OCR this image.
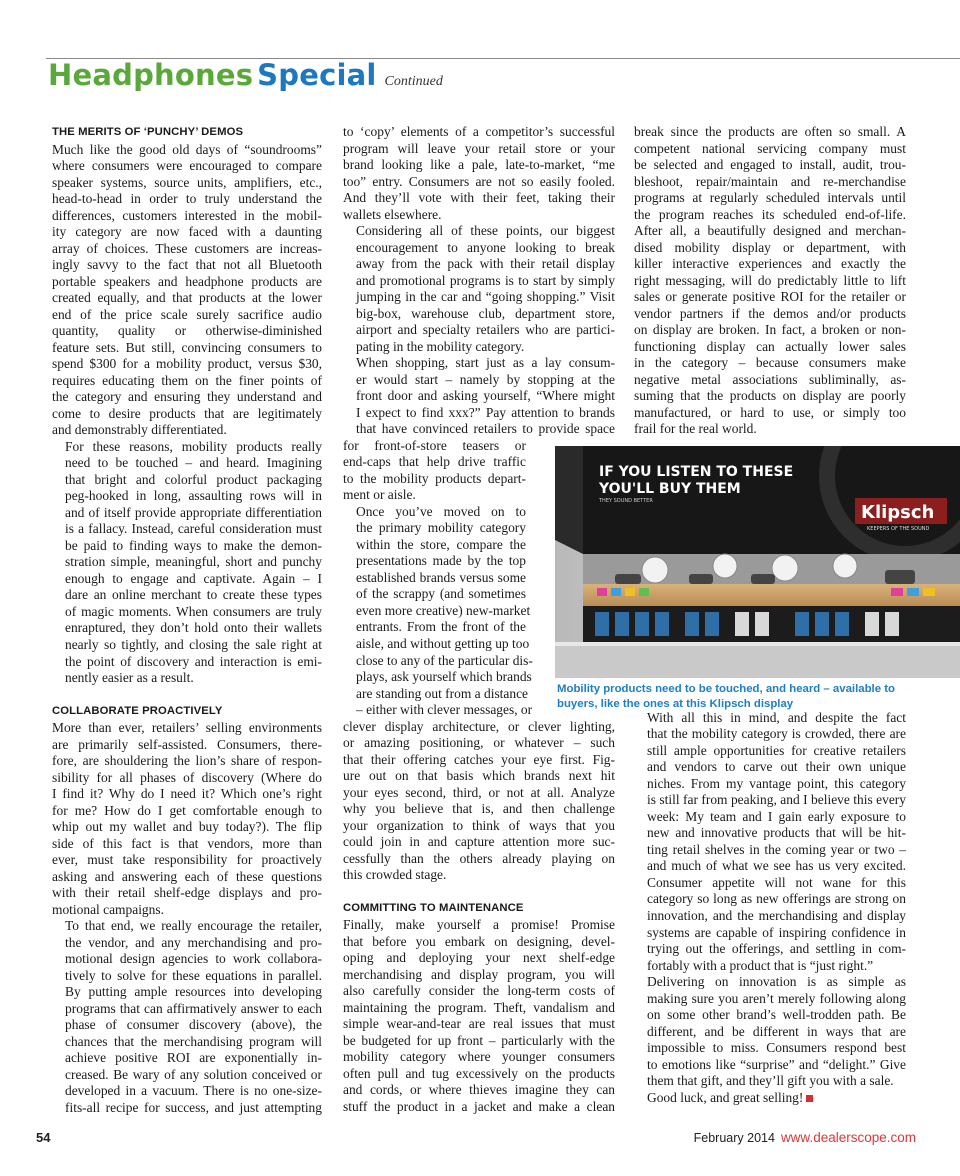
Headphones Special Continued
THE MERITS OF ‘PUNCHY’ DEMOS

Much like the good old days of “soundrooms”
where consumers were encouraged to compare
speaker systems, source units, amplifiers, etc.,
head-to-head in order to truly understand the
differences, customers interested in the mobil-
ity category are now faced with a daunting
array of choices. These customers are increas-
ingly savvy to the fact that not all Bluetooth
portable speakers and headphone products are
created equally, and that products at the lower
end of the price scale surely sacrifice audio
quantity, quality or otherwise-diminished
feature sets. But still, convincing consumers to
spend $300 for a mobility product, versus $30,
requires educating them on the finer points of
the category and ensuring they understand and
come to desire products that are legitimately
and demonstrably differentiated.

For these reasons, mobility products really
need to be touched – and heard. Imagining
that bright and colorful product packaging
peg-hooked in long, assaulting rows will in
and of itself provide appropriate differentiation
is a fallacy. Instead, careful consideration must
be paid to finding ways to make the demon-
stration simple, meaningful, short and punchy
enough to engage and captivate. Again – I
dare an online merchant to create these types
of magic moments. When consumers are truly
enraptured, they don’t hold onto their wallets
nearly so tightly, and closing the sale right at
the point of discovery and interaction is emi-
nently easier as a result.

COLLABORATE PROACTIVELY

More than ever, retailers’ selling environments
are primarily self-assisted. Consumers, there-
fore, are shouldering the lion’s share of respon-
sibility for all phases of discovery (Where do
I find it? Why do I need it? Which one’s right
for me? How do I get comfortable enough to
whip out my wallet and buy today?). The flip
side of this fact is that vendors, more than
ever, must take responsibility for proactively
asking and answering each of these questions
with their retail shelf-edge displays and pro-
motional campaigns.

To that end, we really encourage the retailer,
the vendor, and any merchandising and pro-
motional design agencies to work collabora-
tively to solve for these equations in parallel.
By putting ample resources into developing
programs that can affirmatively answer to each
phase of consumer discovery (above), the
chances that the merchandising program will
achieve positive ROI are exponentially in-
creased. Be wary of any solution conceived or
developed in a vacuum. There is no one-size-
fits-all recipe for success, and just attempting

to ‘copy’ elements of a competitor’s successful
program will leave your retail store or your
brand looking like a pale, late-to-market, “me
too” entry. Consumers are not so easily fooled.
And they’ll vote with their feet, taking their
wallets elsewhere.

Considering all of these points, our biggest
encouragement to anyone looking to break
away from the pack with their retail display
and promotional programs is to start by simply
jumping in the car and “going shopping.” Visit
big-box, warehouse club, department store,
airport and specialty retailers who are partici-
pating in the mobility category.

When shopping, start just as a lay consum-
er would start – namely by stopping at the
front door and asking yourself, “Where might
I expect to find xxx?” Pay attention to brands
that have convinced retailers to provide space

for front-of-store teasers or
end-caps that help drive traffic
to the mobility products depart-
ment or aisle.

Once you’ve moved on to
the primary mobility category
within the store, compare the
presentations made by the top
established brands versus some
of the scrappy (and sometimes
even more creative) new-market
entrants. From the front of the
aisle, and without getting up too
close to any of the particular dis-
plays, ask yourself which brands
are standing out from a distance
– either with clever messages, or

clever display architecture, or clever lighting,
or amazing positioning, or whatever – such
that their offering catches your eye first. Fig-
ure out on that basis which brands next hit
your eyes second, third, or not at all. Analyze
why you believe that is, and then challenge
your organization to think of ways that you
could join in and capture attention more suc-
cessfully than the others already playing on
this crowded stage.

COMMITTING TO MAINTENANCE

Finally, make yourself a promise! Promise
that before you embark on designing, devel-
oping and deploying your next shelf-edge
merchandising and display program, you will
also carefully consider the long-term costs of
maintaining the program. Theft, vandalism and
simple wear-and-tear are real issues that must
be budgeted for up front – particularly with the
mobility category where younger consumers
often pull and tug excessively on the products
and cords, or where thieves imagine they can
stuff the product in a jacket and make a clean

break since the products are often so small. A
competent national servicing company must
be selected and engaged to install, audit, trou-
bleshoot, repair/maintain and re-merchandise
programs at regularly scheduled intervals until
the program reaches its scheduled end-of-life.
After all, a beautifully designed and merchan-
dised mobility display or department, with
killer interactive experiences and exactly the
right messaging, will do predictably little to lift
sales or generate positive ROI for the retailer or
vendor partners if the demos and/or products
on display are broken. In fact, a broken or non-
functioning display can actually lower sales
in the category – because consumers make
negative metal associations subliminally, as-
suming that the products on display are poorly
manufactured, or hard to use, or simply too
frail for the real world.

With all this in mind, and despite the fact
that the mobility category is crowded, there are
still ample opportunities for creative retailers
and vendors to carve out their own unique
niches. From my vantage point, this category
is still far from peaking, and I believe this every
week: My team and I gain early exposure to
new and innovative products that will be hit-
ting retail shelves in the coming year or two –
and much of what we see has us very excited.
Consumer appetite will not wane for this
category so long as new offerings are strong on
innovation, and the merchandising and display
systems are capable of inspiring confidence in
trying out the offerings, and settling in com-
fortably with a product that is “just right.”

Delivering on innovation is as simple as
making sure you aren’t merely following along
on some other brand’s well-trodden path. Be
different, and be different in ways that are
impossible to miss. Consumers respond best
to emotions like “surprise” and “delight.” Give
them that gift, and they’ll gift you with a sale.

Good luck, and great selling!

Klipsch
KEEPERS OF THE SOUND
IF YOU LISTEN TO THESE
YOU'LL BUY THEM
THEY SOUND BETTER
Mobility products need to be touched, and heard – available to buyers, like the ones at this Klipsch display
54	February 2014 www.dealerscope.com
